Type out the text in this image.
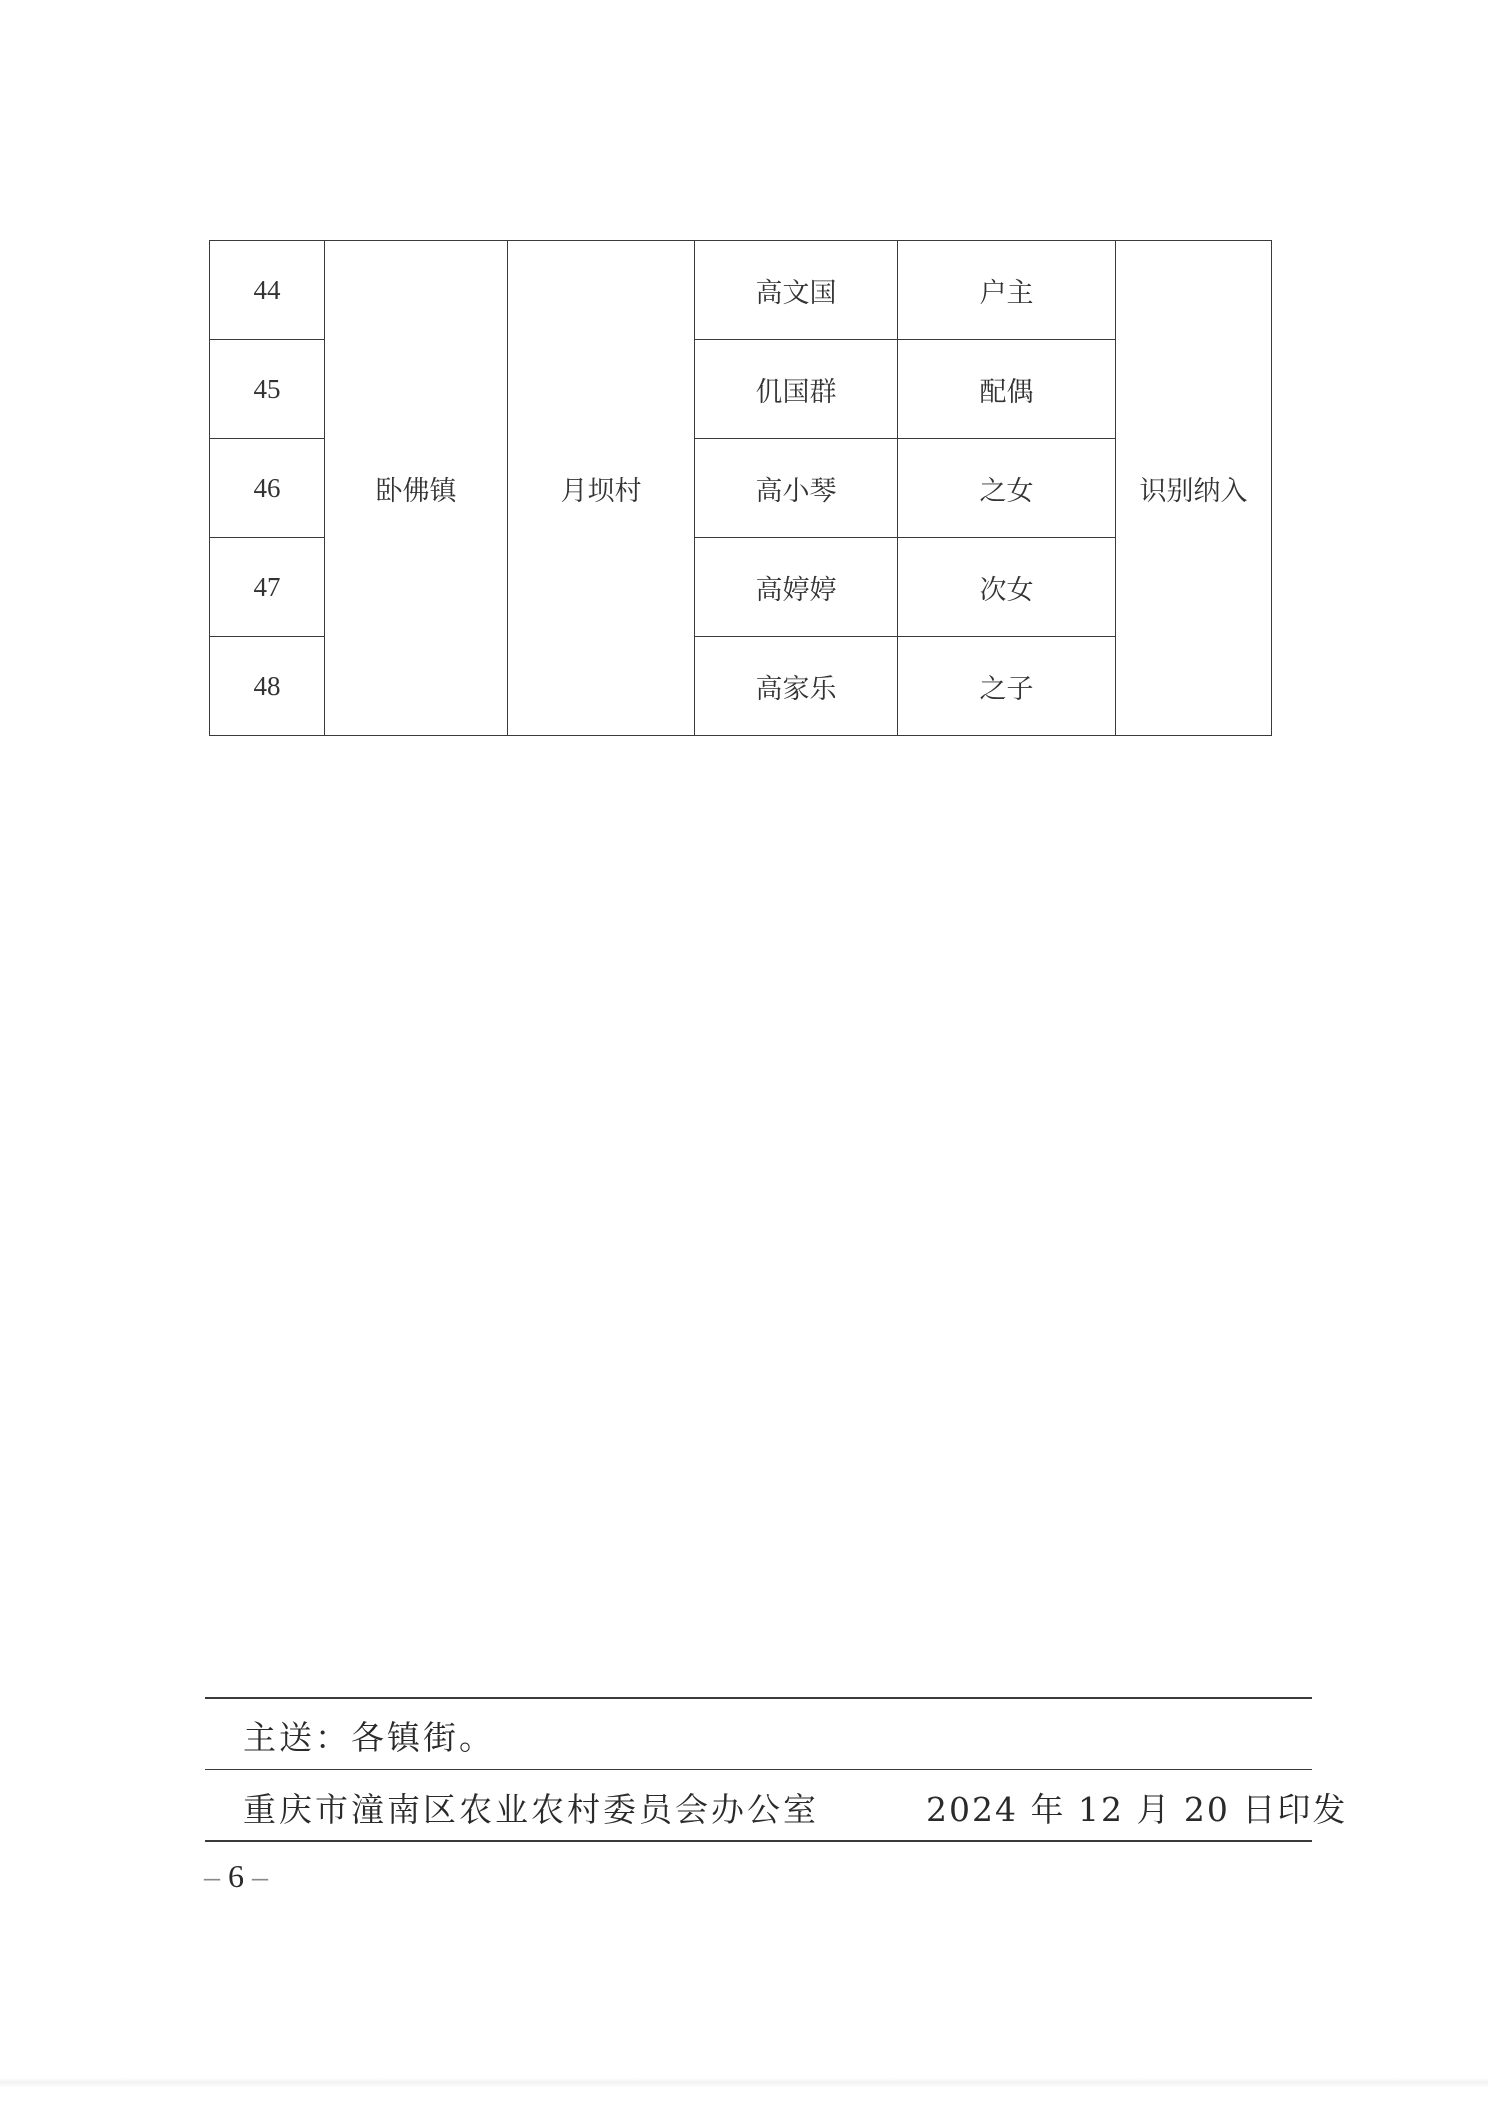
44	卧佛镇	月坝村	高文国	户主	识别纳入
45			仉国群	配偶	
46			高小琴	之女	
47			高婷婷	次女	
48			高家乐	之子	
主送：各镇街。
重庆市潼南区农业农村委员会办公室	2024 年 12 月 20 日印发
– 6 –
